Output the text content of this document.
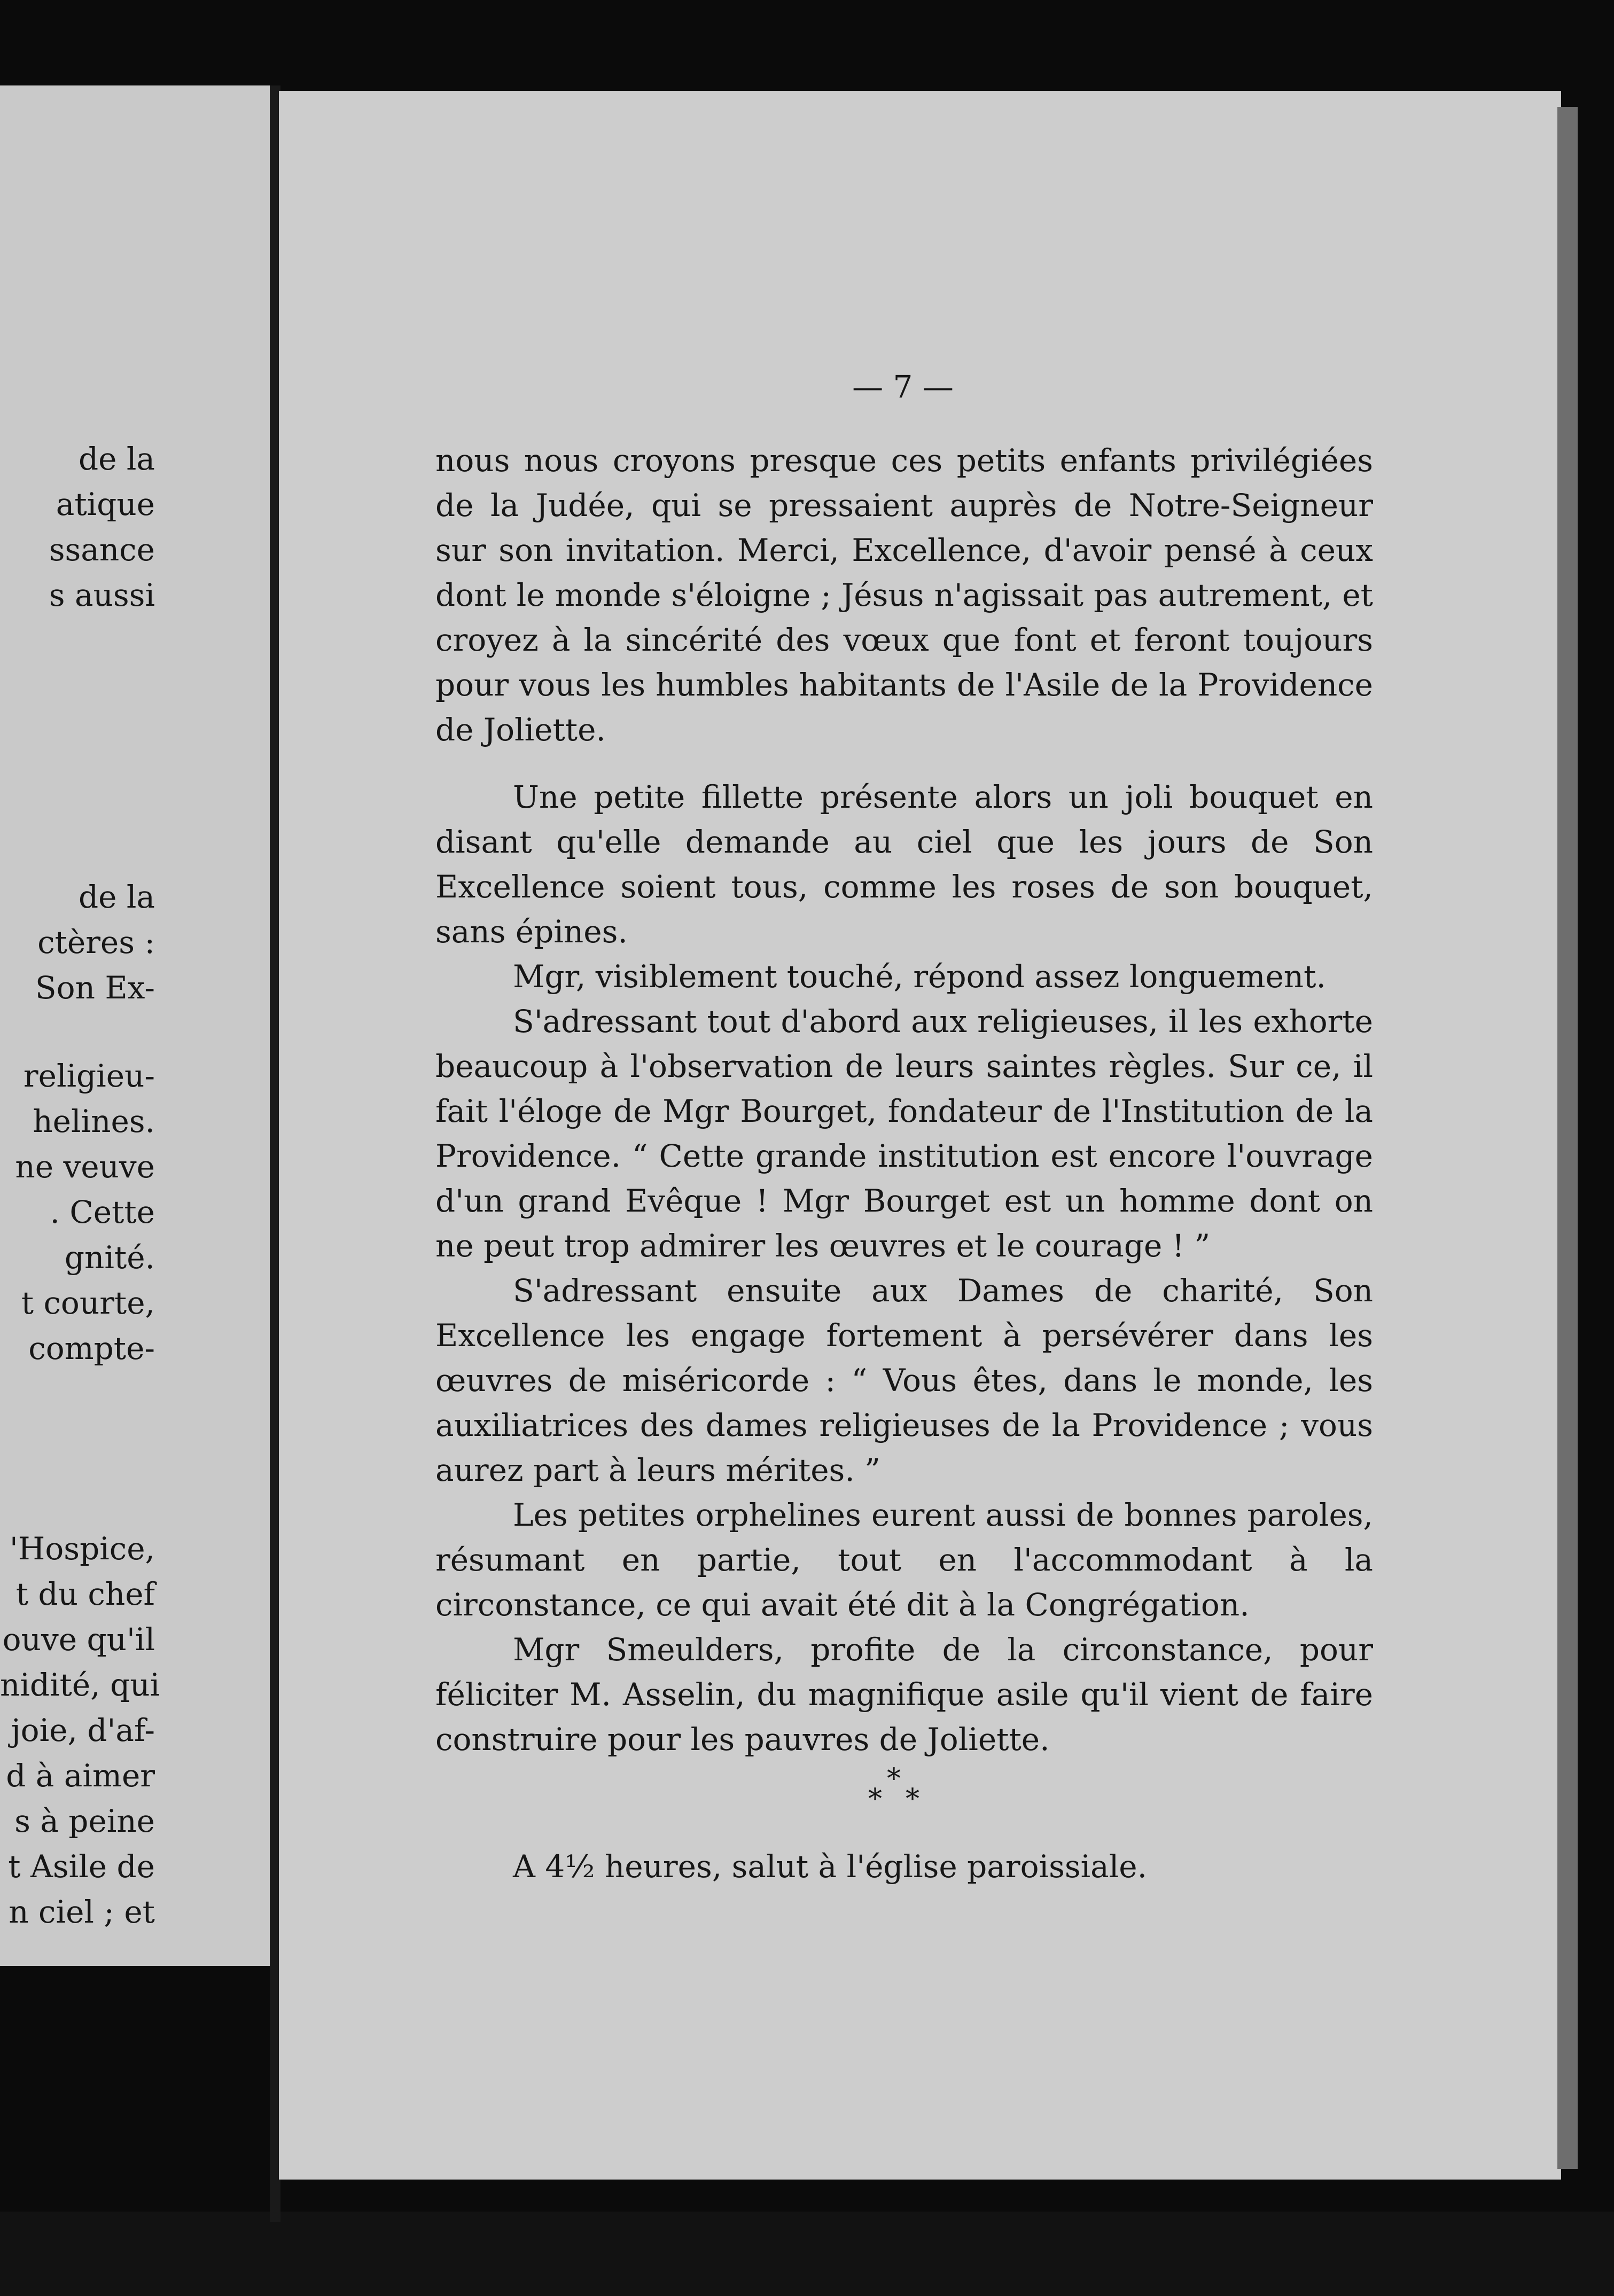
de la
atique
ssance
s aussi
de la
ctères :
Son Ex-
religieu-
helines.
ne veuve
. Cette
gnité.
t courte,
compte-
'Hospice,
t du chef
ouve qu'il
nidité, qui
joie, d'af-
d à aimer
s à peine
t Asile de
n ciel ; et
— 7 —

nous nous croyons presque ces petits enfants privilégiées de la Judée, qui se pressaient auprès de Notre-Seigneur sur son invitation. Merci, Excellence, d'avoir pensé à ceux dont le monde s'éloigne ; Jésus n'agissait pas autrement, et croyez à la sincérité des vœux que font et feront toujours pour vous les humbles habitants de l'Asile de la Providence de Joliette.

Une petite fillette présente alors un joli bouquet en disant qu'elle demande au ciel que les jours de Son Excellence soient tous, comme les roses de son bouquet, sans épines.

Mgr, visiblement touché, répond assez longuement.

S'adressant tout d'abord aux religieuses, il les exhorte beaucoup à l'observation de leurs saintes règles. Sur ce, il fait l'éloge de Mgr Bourget, fondateur de l'Institution de la Providence. “ Cette grande institution est encore l'ouvrage d'un grand Evêque ! Mgr Bourget est un homme dont on ne peut trop admirer les œuvres et le courage ! ”

S'adressant ensuite aux Dames de charité, Son Excellence les engage fortement à persévérer dans les œuvres de miséricorde : “ Vous êtes, dans le monde, les auxiliatrices des dames religieuses de la Providence ; vous aurez part à leurs mérites. ”

Les petites orphelines eurent aussi de bonnes paroles, résumant en partie, tout en l'accommodant à la circonstance, ce qui avait été dit à la Congrégation.

Mgr Smeulders, profite de la circonstance, pour féliciter M. Asselin, du magnifique asile qu'il vient de faire construire pour les pauvres de Joliette.

*
* *
A 4½ heures, salut à l'église paroissiale.
